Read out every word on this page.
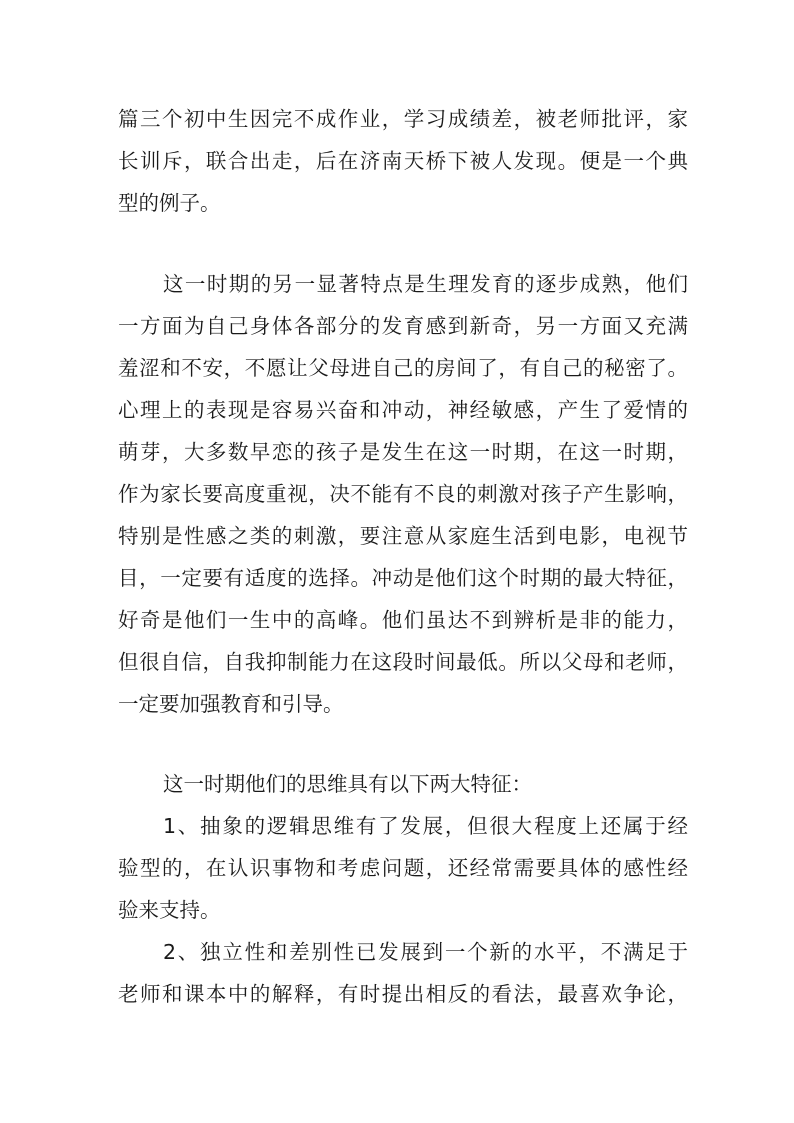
篇三个初中生因完不成作业，学习成绩差，被老师批评，家
长训斥，联合出走，后在济南天桥下被人发现。便是一个典
型的例子。
这一时期的另一显著特点是生理发育的逐步成熟，他们
一方面为自己身体各部分的发育感到新奇，另一方面又充满
羞涩和不安，不愿让父母进自己的房间了，有自己的秘密了。
心理上的表现是容易兴奋和冲动，神经敏感，产生了爱情的
萌芽，大多数早恋的孩子是发生在这一时期，在这一时期，
作为家长要高度重视，决不能有不良的刺激对孩子产生影响，
特别是性感之类的刺激，要注意从家庭生活到电影，电视节
目，一定要有适度的选择。冲动是他们这个时期的最大特征，
好奇是他们一生中的高峰。他们虽达不到辨析是非的能力，
但很自信，自我抑制能力在这段时间最低。所以父母和老师，
一定要加强教育和引导。
这一时期他们的思维具有以下两大特征：
1、抽象的逻辑思维有了发展，但很大程度上还属于经
验型的，在认识事物和考虑问题，还经常需要具体的感性经
验来支持。
2、独立性和差别性已发展到一个新的水平，不满足于
老师和课本中的解释，有时提出相反的看法，最喜欢争论，
